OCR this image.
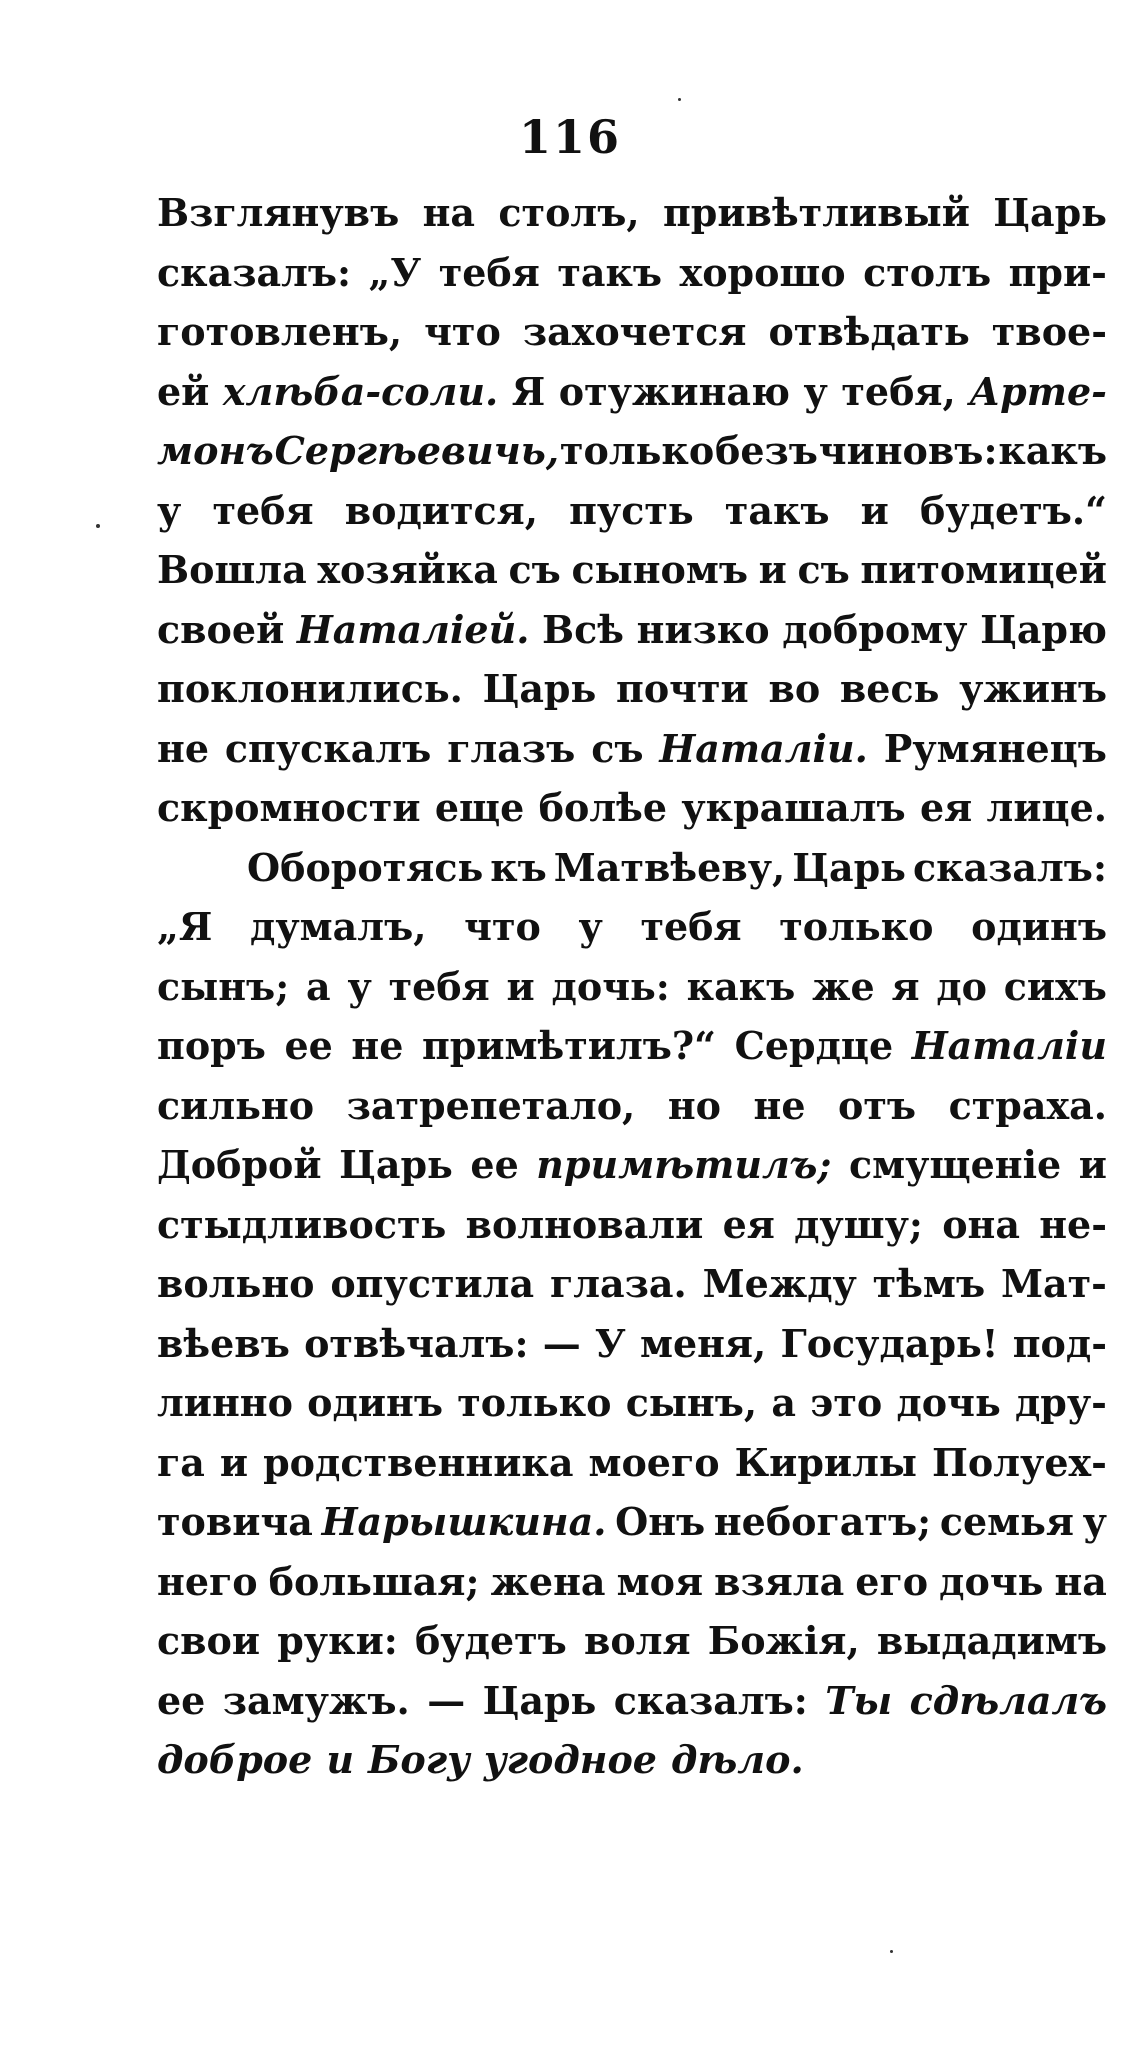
116
Взглянувъ на столъ, привѣтливый Царь
сказалъ: „У тебя такъ хорошо столъ при-
готовленъ, что захочется отвѣдать твое-
ей хлѣба-соли. Я отужинаю у тебя, Арте-
монъ Сергѣевичь, только безъ чиновъ: какъ
у тебя водится, пусть такъ и будетъ.“
Вошла хозяйка съ сыномъ и съ питомицей
своей Наталіей. Всѣ низко доброму Царю
поклонились. Царь почти во весь ужинъ
не спускалъ глазъ съ Наталіи. Румянецъ
скромности еще болѣе украшалъ ея лице.
Оборотясь къ Матвѣеву, Царь сказалъ:
„Я думалъ, что у тебя только одинъ
сынъ; а у тебя и дочь: какъ же я до сихъ
поръ ее не примѣтилъ?“ Сердце Наталіи
сильно затрепетало, но не отъ страха.
Доброй Царь ее примѣтилъ; смущеніе и
стыдливость волновали ея душу; она не-
вольно опустила глаза. Между тѣмъ Мат-
вѣевъ отвѣчалъ: — У меня, Государь! под-
линно одинъ только сынъ, а это дочь дру-
га и родственника моего Кирилы Полуех-
товича Нарышкина. Онъ небогатъ; семья у
него большая; жена моя взяла его дочь на
свои руки: будетъ воля Божія, выдадимъ
ее замужъ. — Царь сказалъ: Ты сдѣлалъ
доброе и Богу угодное дѣло.
